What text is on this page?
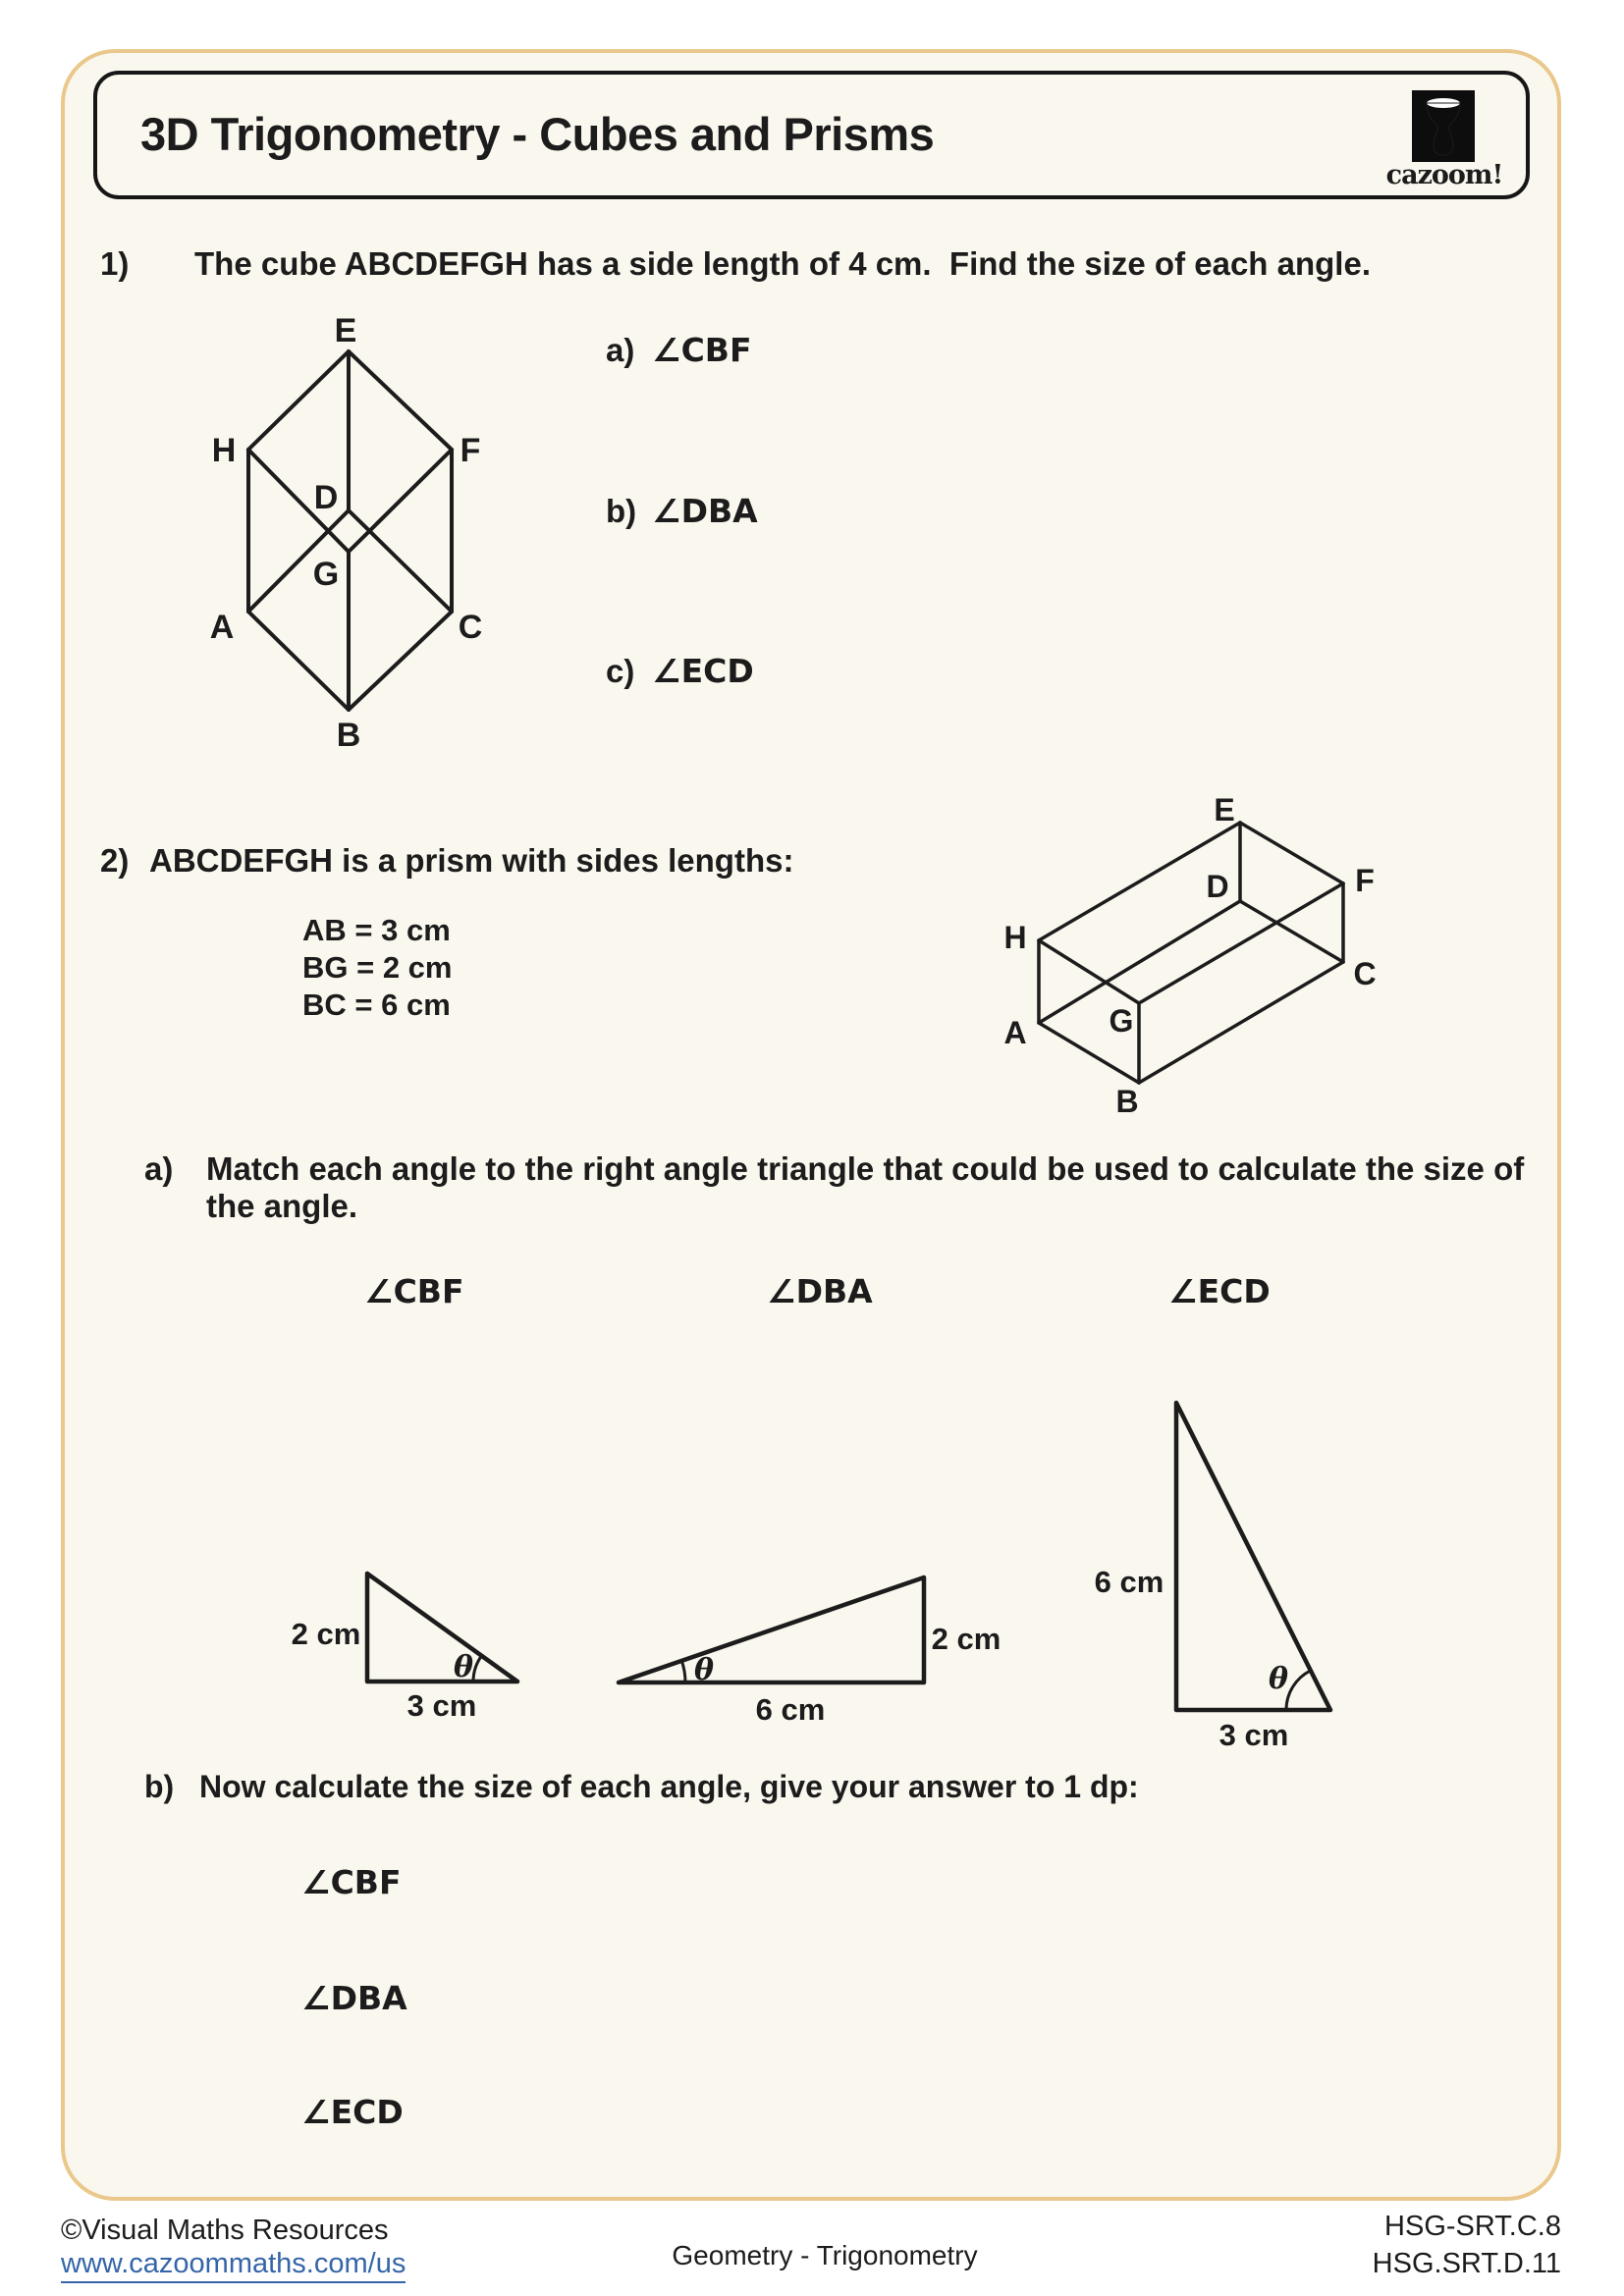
3D Trigonometry - Cubes and Prisms
cazoom!
1) The cube ABCDEFGH has a side length of 4 cm.  Find the size of each angle.
E
H	F
D
G
A	C
B
a) ∠CBF
b) ∠DBA
c) ∠ECD
2) ABCDEFGH is a prism with sides lengths:
AB = 3 cm
BG = 2 cm
BC = 6 cm
E
F
C
B
A
H
D
G
a) Match each angle to the right angle triangle that could be used to calculate the size of
the angle.
∠CBF	∠DBA	∠ECD
θ
2 cm
3 cm
θ
6 cm
2 cm
θ
6 cm
3 cm
b) Now calculate the size of each angle, give your answer to 1 dp:
∠CBF
∠DBA
∠ECD
©Visual Maths Resources
www.cazoommaths.com/us	Geometry - Trigonometry
HSG-SRT.C.8
HSG.SRT.D.11
